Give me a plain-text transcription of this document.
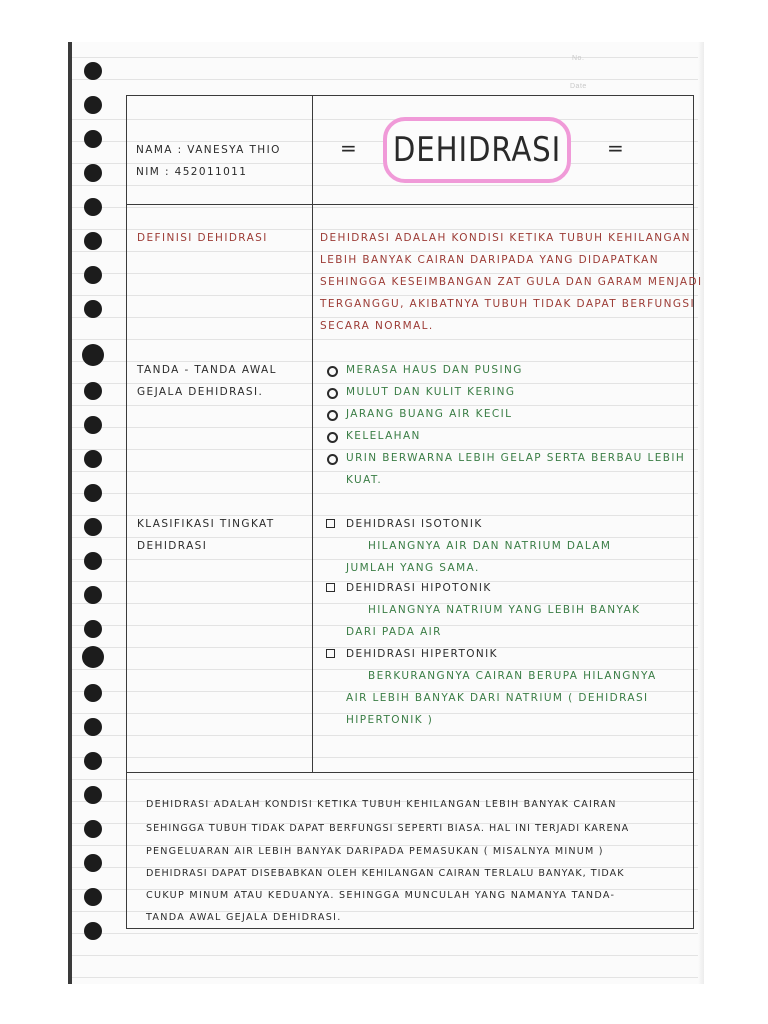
No.
Date
NAMA : VANESYA THIO
NIM : 452011011
=	=
DEHIDRASI
DEFINISI DEHIDRASI	DEHIDRASI ADALAH KONDISI KETIKA TUBUH KEHILANGAN
LEBIH BANYAK CAIRAN DARIPADA YANG DIDAPATKAN
SEHINGGA KESEIMBANGAN ZAT GULA DAN GARAM MENJADI
TERGANGGU, AKIBATNYA TUBUH TIDAK DAPAT BERFUNGSI
SECARA NORMAL.
TANDA - TANDA AWAL
GEJALA DEHIDRASI.
MERASA HAUS DAN PUSING
MULUT DAN KULIT KERING
JARANG BUANG AIR KECIL
KELELAHAN
URIN BERWARNA LEBIH GELAP SERTA BERBAU LEBIH
KUAT.
KLASIFIKASI TINGKAT
DEHIDRASI
DEHIDRASI ISOTONIK
HILANGNYA AIR DAN NATRIUM DALAM
JUMLAH YANG SAMA.
DEHIDRASI HIPOTONIK
HILANGNYA NATRIUM YANG LEBIH BANYAK
DARI PADA AIR
DEHIDRASI HIPERTONIK
BERKURANGNYA CAIRAN BERUPA HILANGNYA
AIR LEBIH BANYAK DARI NATRIUM ( DEHIDRASI
HIPERTONIK )
DEHIDRASI ADALAH KONDISI KETIKA TUBUH KEHILANGAN LEBIH BANYAK CAIRAN
SEHINGGA TUBUH TIDAK DAPAT BERFUNGSI SEPERTI BIASA. HAL INI TERJADI KARENA
PENGELUARAN AIR LEBIH BANYAK DARIPADA PEMASUKAN ( MISALNYA MINUM )
DEHIDRASI DAPAT DISEBABKAN OLEH KEHILANGAN CAIRAN TERLALU BANYAK, TIDAK
CUKUP MINUM ATAU KEDUANYA. SEHINGGA MUNCULAH YANG NAMANYA TANDA-
TANDA AWAL GEJALA DEHIDRASI.
